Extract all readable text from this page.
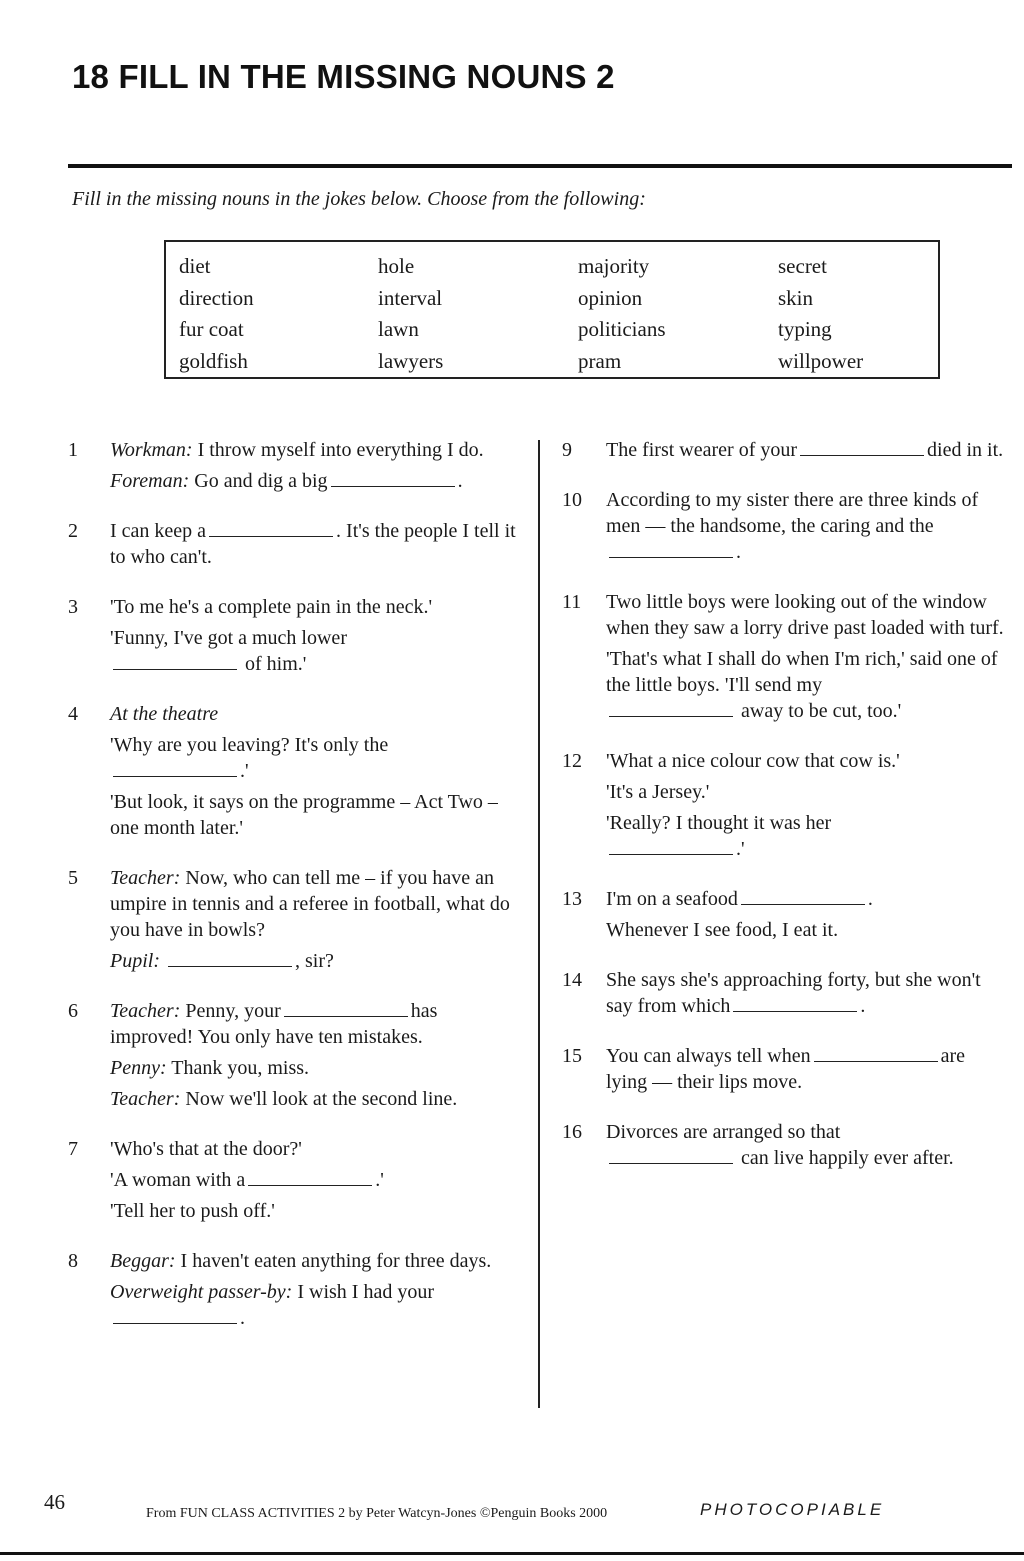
18 FILL IN THE MISSING NOUNS 2
Fill in the missing nouns in the jokes below. Choose from the following:
diet	hole	majority	secret
direction	interval	opinion	skin
fur coat	lawn	politicians	typing
goldfish	lawyers	pram	willpower
1 Workman: I throw myself into everything I do.

Foreman: Go and dig a big	.

2 I can keep a	. It's the people I tell it to who can't.

3 'To me he's a complete pain in the neck.'

'Funny, I've got a much lower
of him.'

4 At the theatre

'Why are you leaving? It's only the
.'

'But look, it says on the programme – Act Two – one month later.'

5 Teacher: Now, who can tell me – if you have an umpire in tennis and a referee in football, what do you have in bowls?

Pupil:	, sir?

6 Teacher: Penny, your	has improved! You only have ten mistakes.

Penny: Thank you, miss.

Teacher: Now we'll look at the second line.

7 'Who's that at the door?'

'A woman with a	.'

'Tell her to push off.'

8 Beggar: I haven't eaten anything for three days.

Overweight passer-by: I wish I had your
.

9 The first wearer of your	died in it.

10 According to my sister there are three kinds of men — the handsome, the caring and the.

11 Two little boys were looking out of the window when they saw a lorry drive past loaded with turf.

'That's what I shall do when I'm rich,' said one of the little boys. 'I'll send my
away to be cut, too.'

12 'What a nice colour cow that cow is.'

'It's a Jersey.'

'Really? I thought it was her
.'

13 I'm on a seafood	.

Whenever I see food, I eat it.

14 She says she's approaching forty, but she won't say from which	.

15 You can always tell when	are lying — their lips move.

16 Divorces are arranged so that
can live happily ever after.

46	From FUN CLASS ACTIVITIES 2 by Peter Watcyn-Jones ©Penguin Books 2000	PHOTOCOPIABLE
